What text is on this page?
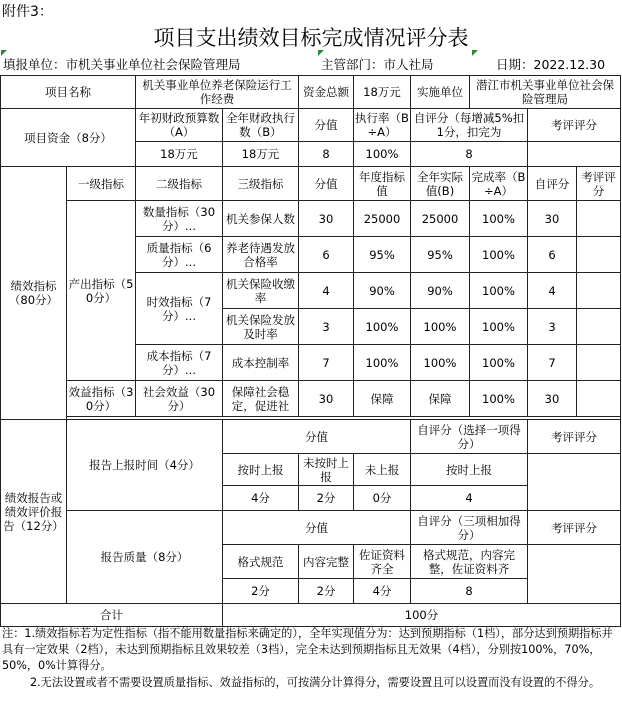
附件3：
项目支出绩效目标完成情况评分表
填报单位：市机关事业单位社会保险管理局	主管部门：市人社局	日期：2022.12.30
项目名称		机关事业单位养老保险运行工作经费		资金总额	18万元	实施单位	潜江市机关事业单位社会保险管理局		
项目资金（8分）		年初财政预算数（A）	全年财政执行数（B）	分值	执行率（B÷A）	自评分（每增减5%扣1分，扣完为		考评评分	
		18万元	18万元	8	100%	8			
绩效指标（80分）	一级指标	二级指标	三级指标	分值	年度指标值	全年实际值(B)	完成率（B÷A）	自评分	考评评分
	产出指标（50分）	数量指标（30分）...	机关参保人数	30	25000	25000	100%	30	
		质量指标（6分）...	养老待遇发放合格率	6	95%	95%	100%	6	
		时效指标（7分）...	机关保险收缴率	4	90%	90%	100%	4	
			机关保险发放及时率	3	100%	100%	100%	3	
		成本指标（7分）...	成本控制率	7	100%	100%	100%	7	
	效益指标（30分）	社会效益（30分）	保障社会稳定，促进社	30	保障	保障	100%	30	

绩效报告或绩效评价报告（12分）	报告上报时间（4分）		分值			自评分（选择一项得分）		考评评分	
			按时上报	未按时上报	未上报	按时上报			
			4分	2分	0分	4			
	报告质量（8分）		分值			自评分（三项相加得分）		考评评分	
			格式规范	内容完整	佐证资料齐全	格式规范，内容完整，佐证资料齐			
			2分	2分	4分	8			
合计			100分						
注：1.绩效指标若为定性指标（指不能用数量指标来确定的），全年实现值分为：达到预期指标（1档），部分达到预期指标并具有一定效果（2档），未达到预期指标且效果较差（3档），完全未达到预期指标且无效果（4档），分别按100%，70%，50%，0%计算得分。
2.无法设置或者不需要设置质量指标、效益指标的，可按满分计算得分，需要设置且可以设置而没有设置的不得分。
